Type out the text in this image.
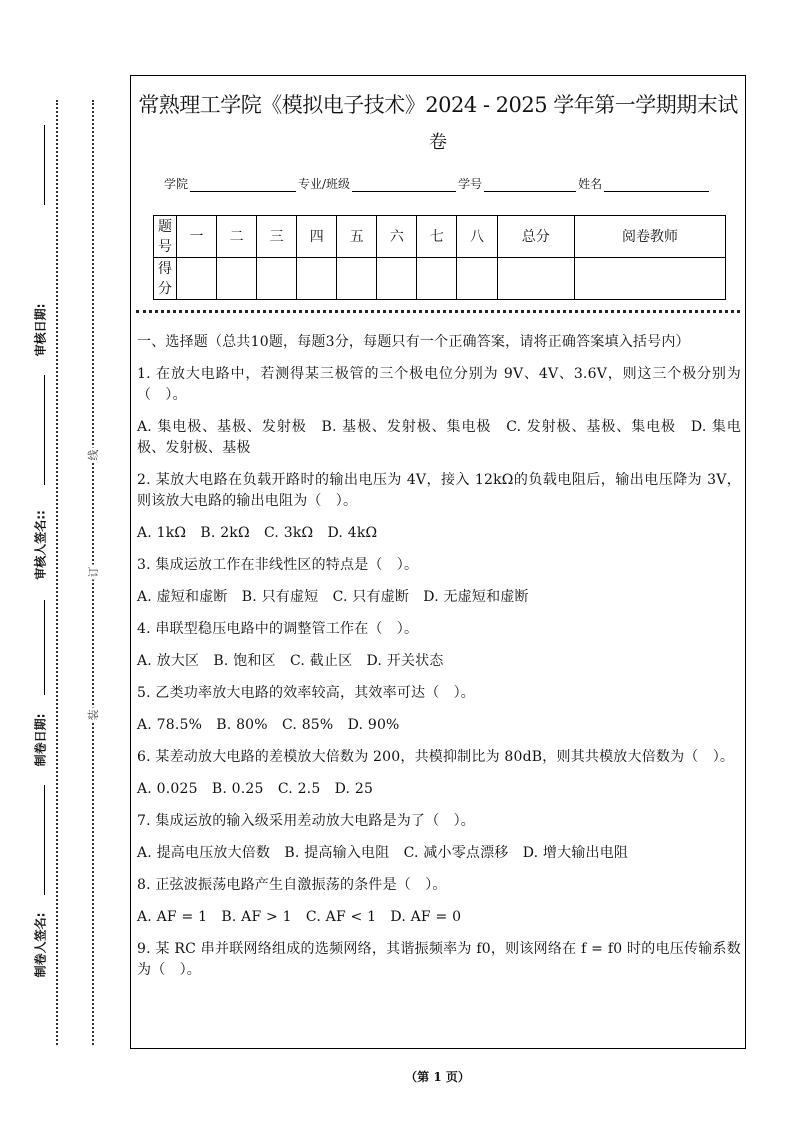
审核日期:
审核人签名::
制卷日期:
制卷人签名:
线
订
装
常熟理工学院《模拟电子技术》2024 - 2025 学年第一学期期末试
卷
学院	专业/班级	学号	姓名
题号	一	二	三	四	五	六	七	八	总分	阅卷教师
得分										

一、选择题（总共10题，每题3分，每题只有一个正确答案，请将正确答案填入括号内）

1. 在放大电路中，若测得某三极管的三个极电位分别为 9V、4V、3.6V，则这三个极分别为（　）。

A. 集电极、基极、发射极　B. 基极、发射极、集电极　C. 发射极、基极、集电极　D. 集电极、发射极、基极

2. 某放大电路在负载开路时的输出电压为 4V，接入 12kΩ的负载电阻后，输出电压降为 3V，则该放大电路的输出电阻为（　）。

A. 1kΩ　B. 2kΩ　C. 3kΩ　D. 4kΩ

3. 集成运放工作在非线性区的特点是（　）。

A. 虚短和虚断　B. 只有虚短　C. 只有虚断　D. 无虚短和虚断

4. 串联型稳压电路中的调整管工作在（　）。

A. 放大区　B. 饱和区　C. 截止区　D. 开关状态

5. 乙类功率放大电路的效率较高，其效率可达（　）。

A. 78.5%　B. 80%　C. 85%　D. 90%

6. 某差动放大电路的差模放大倍数为 200，共模抑制比为 80dB，则其共模放大倍数为（　）。

A. 0.025　B. 0.25　C. 2.5　D. 25

7. 集成运放的输入级采用差动放大电路是为了（　）。

A. 提高电压放大倍数　B. 提高输入电阻　C. 减小零点漂移　D. 增大输出电阻

8. 正弦波振荡电路产生自激振荡的条件是（　）。

A. AF = 1　B. AF > 1　C. AF < 1　D. AF = 0

9. 某 RC 串并联网络组成的选频网络，其谐振频率为 f0，则该网络在 f = f0 时的电压传输系数为（　）。

（第 1 页）
